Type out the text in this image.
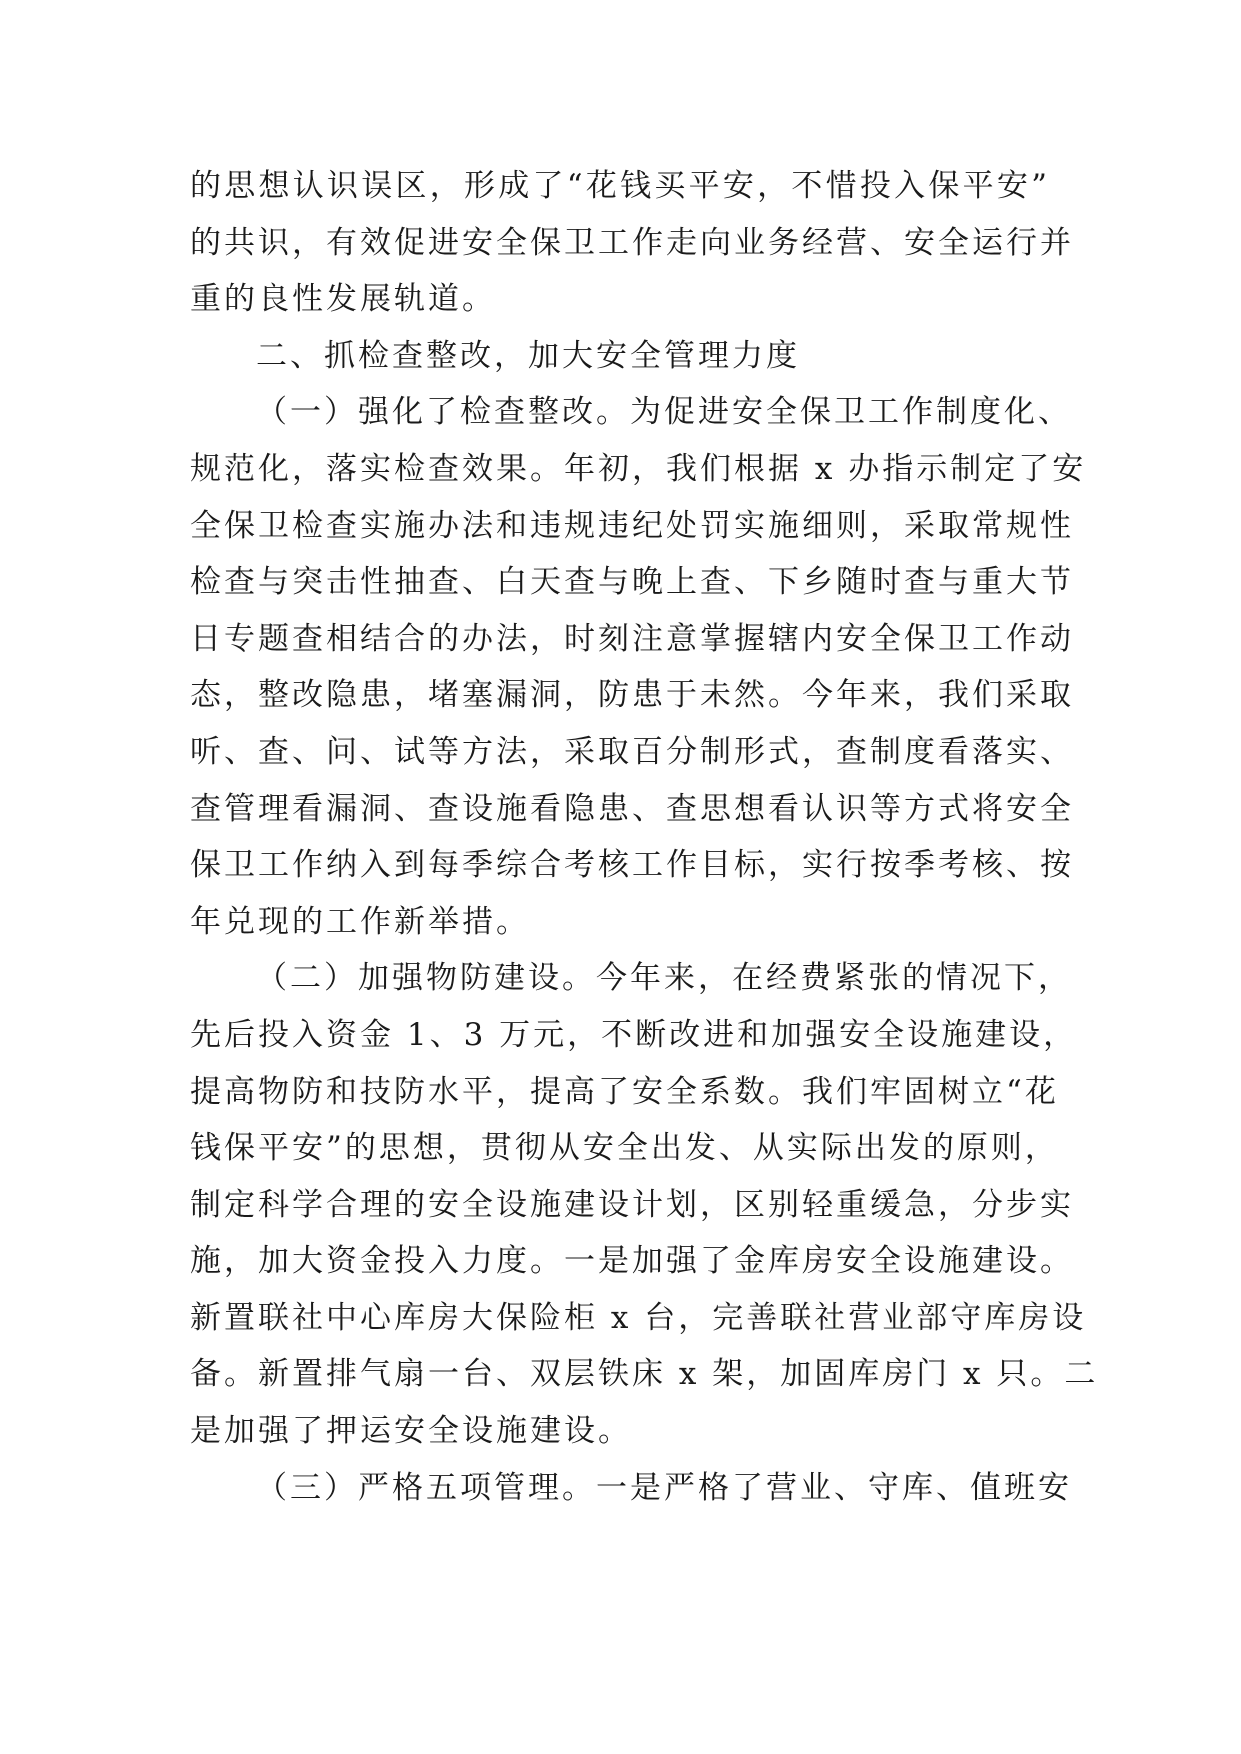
的思想认识误区，形成了“花钱买平安，不惜投入保平安”
的共识，有效促进安全保卫工作走向业务经营、安全运行并
重的良性发展轨道。
二、抓检查整改，加大安全管理力度
（一）强化了检查整改。为促进安全保卫工作制度化、
规范化，落实检查效果。年初，我们根据 x 办指示制定了安
全保卫检查实施办法和违规违纪处罚实施细则，采取常规性
检查与突击性抽查、白天查与晚上查、下乡随时查与重大节
日专题查相结合的办法，时刻注意掌握辖内安全保卫工作动
态，整改隐患，堵塞漏洞，防患于未然。今年来，我们采取
听、查、问、试等方法，采取百分制形式，查制度看落实、
查管理看漏洞、查设施看隐患、查思想看认识等方式将安全
保卫工作纳入到每季综合考核工作目标，实行按季考核、按
年兑现的工作新举措。
（二）加强物防建设。今年来，在经费紧张的情况下，
先后投入资金 1、3 万元，不断改进和加强安全设施建设，
提高物防和技防水平，提高了安全系数。我们牢固树立“花
钱保平安”的思想，贯彻从安全出发、从实际出发的原则，
制定科学合理的安全设施建设计划，区别轻重缓急，分步实
施，加大资金投入力度。一是加强了金库房安全设施建设。
新置联社中心库房大保险柜 x 台，完善联社营业部守库房设
备。新置排气扇一台、双层铁床 x 架，加固库房门 x 只。二
是加强了押运安全设施建设。
（三）严格五项管理。一是严格了营业、守库、值班安
